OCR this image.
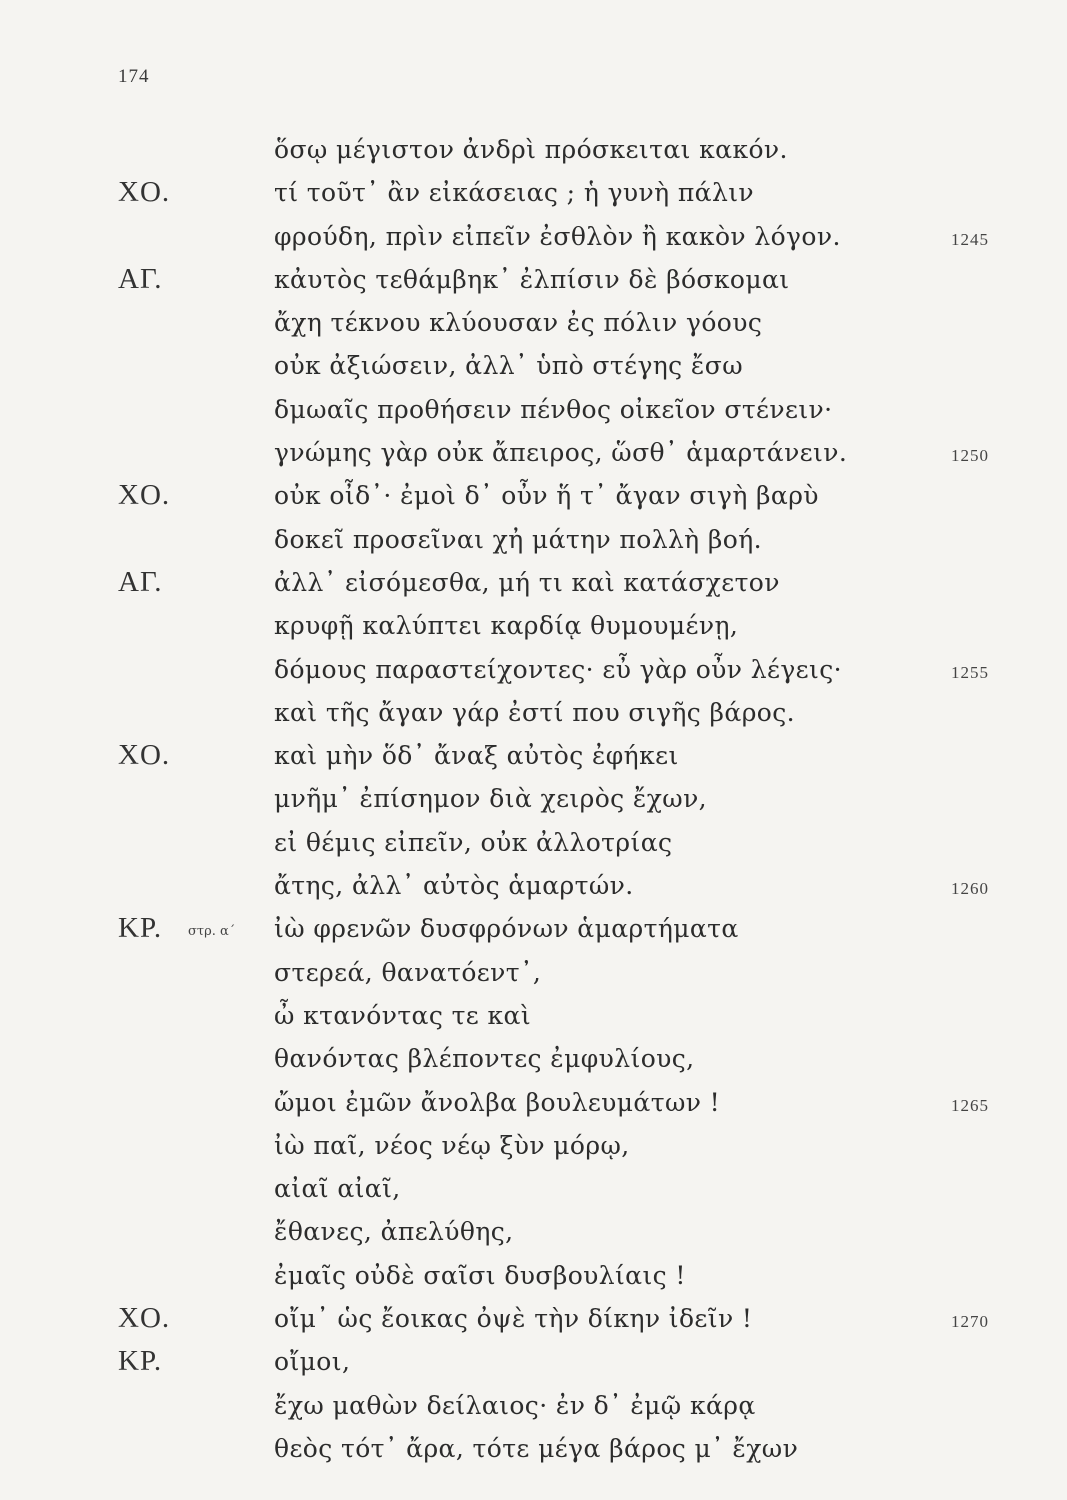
174
ὅσῳ μέγιστον ἀνδρὶ πρόσκειται κακόν.
ΧΟ.	τί τοῦτ᾽ ἂν εἰκάσειας ; ἡ γυνὴ πάλιν
φρούδη, πρὶν εἰπεῖν ἐσθλὸν ἢ κακὸν λόγον.	1245
ΑΓ.	κἀυτὸς τεθάμβηκ᾽ ἐλπίσιν δὲ βόσκομαι
ἄχη τέκνου κλύουσαν ἐς πόλιν γόους
οὐκ ἀξιώσειν, ἀλλ᾽ ὑπὸ στέγης ἔσω
δμωαῖς προθήσειν πένθος οἰκεῖον στένειν·
γνώμης γὰρ οὐκ ἄπειρος, ὥσθ᾽ ἁμαρτάνειν.	1250
ΧΟ.	οὐκ οἶδ᾽· ἐμοὶ δ᾽ οὖν ἥ τ᾽ ἄγαν σιγὴ βαρὺ
δοκεῖ προσεῖναι χἠ μάτην πολλὴ βοή.
ΑΓ.	ἀλλ᾽ εἰσόμεσθα, μή τι καὶ κατάσχετον
κρυφῇ καλύπτει καρδίᾳ θυμουμένῃ,
δόμους παραστείχοντες· εὖ γὰρ οὖν λέγεις·	1255
καὶ τῆς ἄγαν γάρ ἐστί που σιγῆς βάρος.
ΧΟ.	καὶ μὴν ὅδ᾽ ἄναξ αὐτὸς ἐφήκει
μνῆμ᾽ ἐπίσημον διὰ χειρὸς ἔχων,
εἰ θέμις εἰπεῖν, οὐκ ἀλλοτρίας
ἄτης, ἀλλ᾽ αὐτὸς ἁμαρτών.	1260
ΚΡ. στρ. α´ ἰὼ φρενῶν δυσφρόνων ἁμαρτήματα
στερεά, θανατόεντ᾽,
ὦ κτανόντας τε καὶ
θανόντας βλέποντες ἐμφυλίους,
ὤμοι ἐμῶν ἄνολβα βουλευμάτων !	1265
ἰὼ παῖ, νέος νέῳ ξὺν μόρῳ,
αἰαῖ αἰαῖ,
ἔθανες, ἀπελύθης,
ἐμαῖς οὐδὲ σαῖσι δυσβουλίαις !
ΧΟ.	οἴμ᾽ ὡς ἔοικας ὀψὲ τὴν δίκην ἰδεῖν !	1270
ΚΡ.	οἴμοι,
ἔχω μαθὼν δείλαιος· ἐν δ᾽ ἐμῷ κάρᾳ
θεὸς τότ᾽ ἄρα, τότε μέγα βάρος μ᾽ ἔχων
